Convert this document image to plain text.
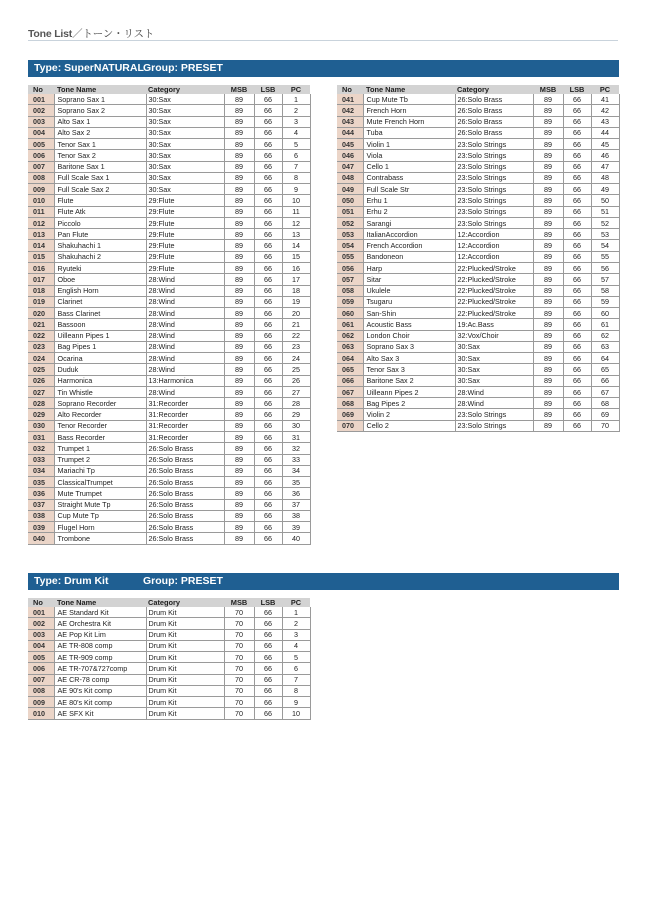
Tone List／トーン・リスト
Type: SuperNATURAL Group: PRESET
No	Tone Name	Category	MSB	LSB	PC
001	Soprano Sax 1	30:Sax	89	66	1
002	Soprano Sax 2	30:Sax	89	66	2
003	Alto Sax 1	30:Sax	89	66	3
004	Alto Sax 2	30:Sax	89	66	4
005	Tenor Sax 1	30:Sax	89	66	5
006	Tenor Sax 2	30:Sax	89	66	6
007	Baritone Sax 1	30:Sax	89	66	7
008	Full Scale Sax 1	30:Sax	89	66	8
009	Full Scale Sax 2	30:Sax	89	66	9
010	Flute	29:Flute	89	66	10
011	Flute Atk	29:Flute	89	66	11
012	Piccolo	29:Flute	89	66	12
013	Pan Flute	29:Flute	89	66	13
014	Shakuhachi 1	29:Flute	89	66	14
015	Shakuhachi 2	29:Flute	89	66	15
016	Ryuteki	29:Flute	89	66	16
017	Oboe	28:Wind	89	66	17
018	English Horn	28:Wind	89	66	18
019	Clarinet	28:Wind	89	66	19
020	Bass Clarinet	28:Wind	89	66	20
021	Bassoon	28:Wind	89	66	21
022	Uilleann Pipes 1	28:Wind	89	66	22
023	Bag Pipes 1	28:Wind	89	66	23
024	Ocarina	28:Wind	89	66	24
025	Duduk	28:Wind	89	66	25
026	Harmonica	13:Harmonica	89	66	26
027	Tin Whistle	28:Wind	89	66	27
028	Soprano Recorder	31:Recorder	89	66	28
029	Alto Recorder	31:Recorder	89	66	29
030	Tenor Recorder	31:Recorder	89	66	30
031	Bass Recorder	31:Recorder	89	66	31
032	Trumpet 1	26:Solo Brass	89	66	32
033	Trumpet 2	26:Solo Brass	89	66	33
034	Mariachi Tp	26:Solo Brass	89	66	34
035	ClassicalTrumpet	26:Solo Brass	89	66	35
036	Mute Trumpet	26:Solo Brass	89	66	36
037	Straight Mute Tp	26:Solo Brass	89	66	37
038	Cup Mute Tp	26:Solo Brass	89	66	38
039	Flugel Horn	26:Solo Brass	89	66	39
040	Trombone	26:Solo Brass	89	66	40
No	Tone Name	Category	MSB	LSB	PC
041	Cup Mute Tb	26:Solo Brass	89	66	41
042	French Horn	26:Solo Brass	89	66	42
043	Mute French Horn	26:Solo Brass	89	66	43
044	Tuba	26:Solo Brass	89	66	44
045	Violin 1	23:Solo Strings	89	66	45
046	Viola	23:Solo Strings	89	66	46
047	Cello 1	23:Solo Strings	89	66	47
048	Contrabass	23:Solo Strings	89	66	48
049	Full Scale Str	23:Solo Strings	89	66	49
050	Erhu 1	23:Solo Strings	89	66	50
051	Erhu 2	23:Solo Strings	89	66	51
052	Sarangi	23:Solo Strings	89	66	52
053	ItalianAccordion	12:Accordion	89	66	53
054	French Accordion	12:Accordion	89	66	54
055	Bandoneon	12:Accordion	89	66	55
056	Harp	22:Plucked/Stroke	89	66	56
057	Sitar	22:Plucked/Stroke	89	66	57
058	Ukulele	22:Plucked/Stroke	89	66	58
059	Tsugaru	22:Plucked/Stroke	89	66	59
060	San-Shin	22:Plucked/Stroke	89	66	60
061	Acoustic Bass	19:Ac.Bass	89	66	61
062	London Choir	32:Vox/Choir	89	66	62
063	Soprano Sax 3	30:Sax	89	66	63
064	Alto Sax 3	30:Sax	89	66	64
065	Tenor Sax 3	30:Sax	89	66	65
066	Baritone Sax 2	30:Sax	89	66	66
067	Uilleann Pipes 2	28:Wind	89	66	67
068	Bag Pipes 2	28:Wind	89	66	68
069	Violin 2	23:Solo Strings	89	66	69
070	Cello 2	23:Solo Strings	89	66	70
Type: Drum Kit	Group: PRESET
No	Tone Name	Category	MSB	LSB	PC
001	AE Standard Kit	Drum Kit	70	66	1
002	AE Orchestra Kit	Drum Kit	70	66	2
003	AE Pop Kit Lim	Drum Kit	70	66	3
004	AE TR-808 comp	Drum Kit	70	66	4
005	AE TR-909 comp	Drum Kit	70	66	5
006	AE TR-707&727comp	Drum Kit	70	66	6
007	AE CR-78 comp	Drum Kit	70	66	7
008	AE 90's Kit comp	Drum Kit	70	66	8
009	AE 80's Kit comp	Drum Kit	70	66	9
010	AE SFX Kit	Drum Kit	70	66	10
